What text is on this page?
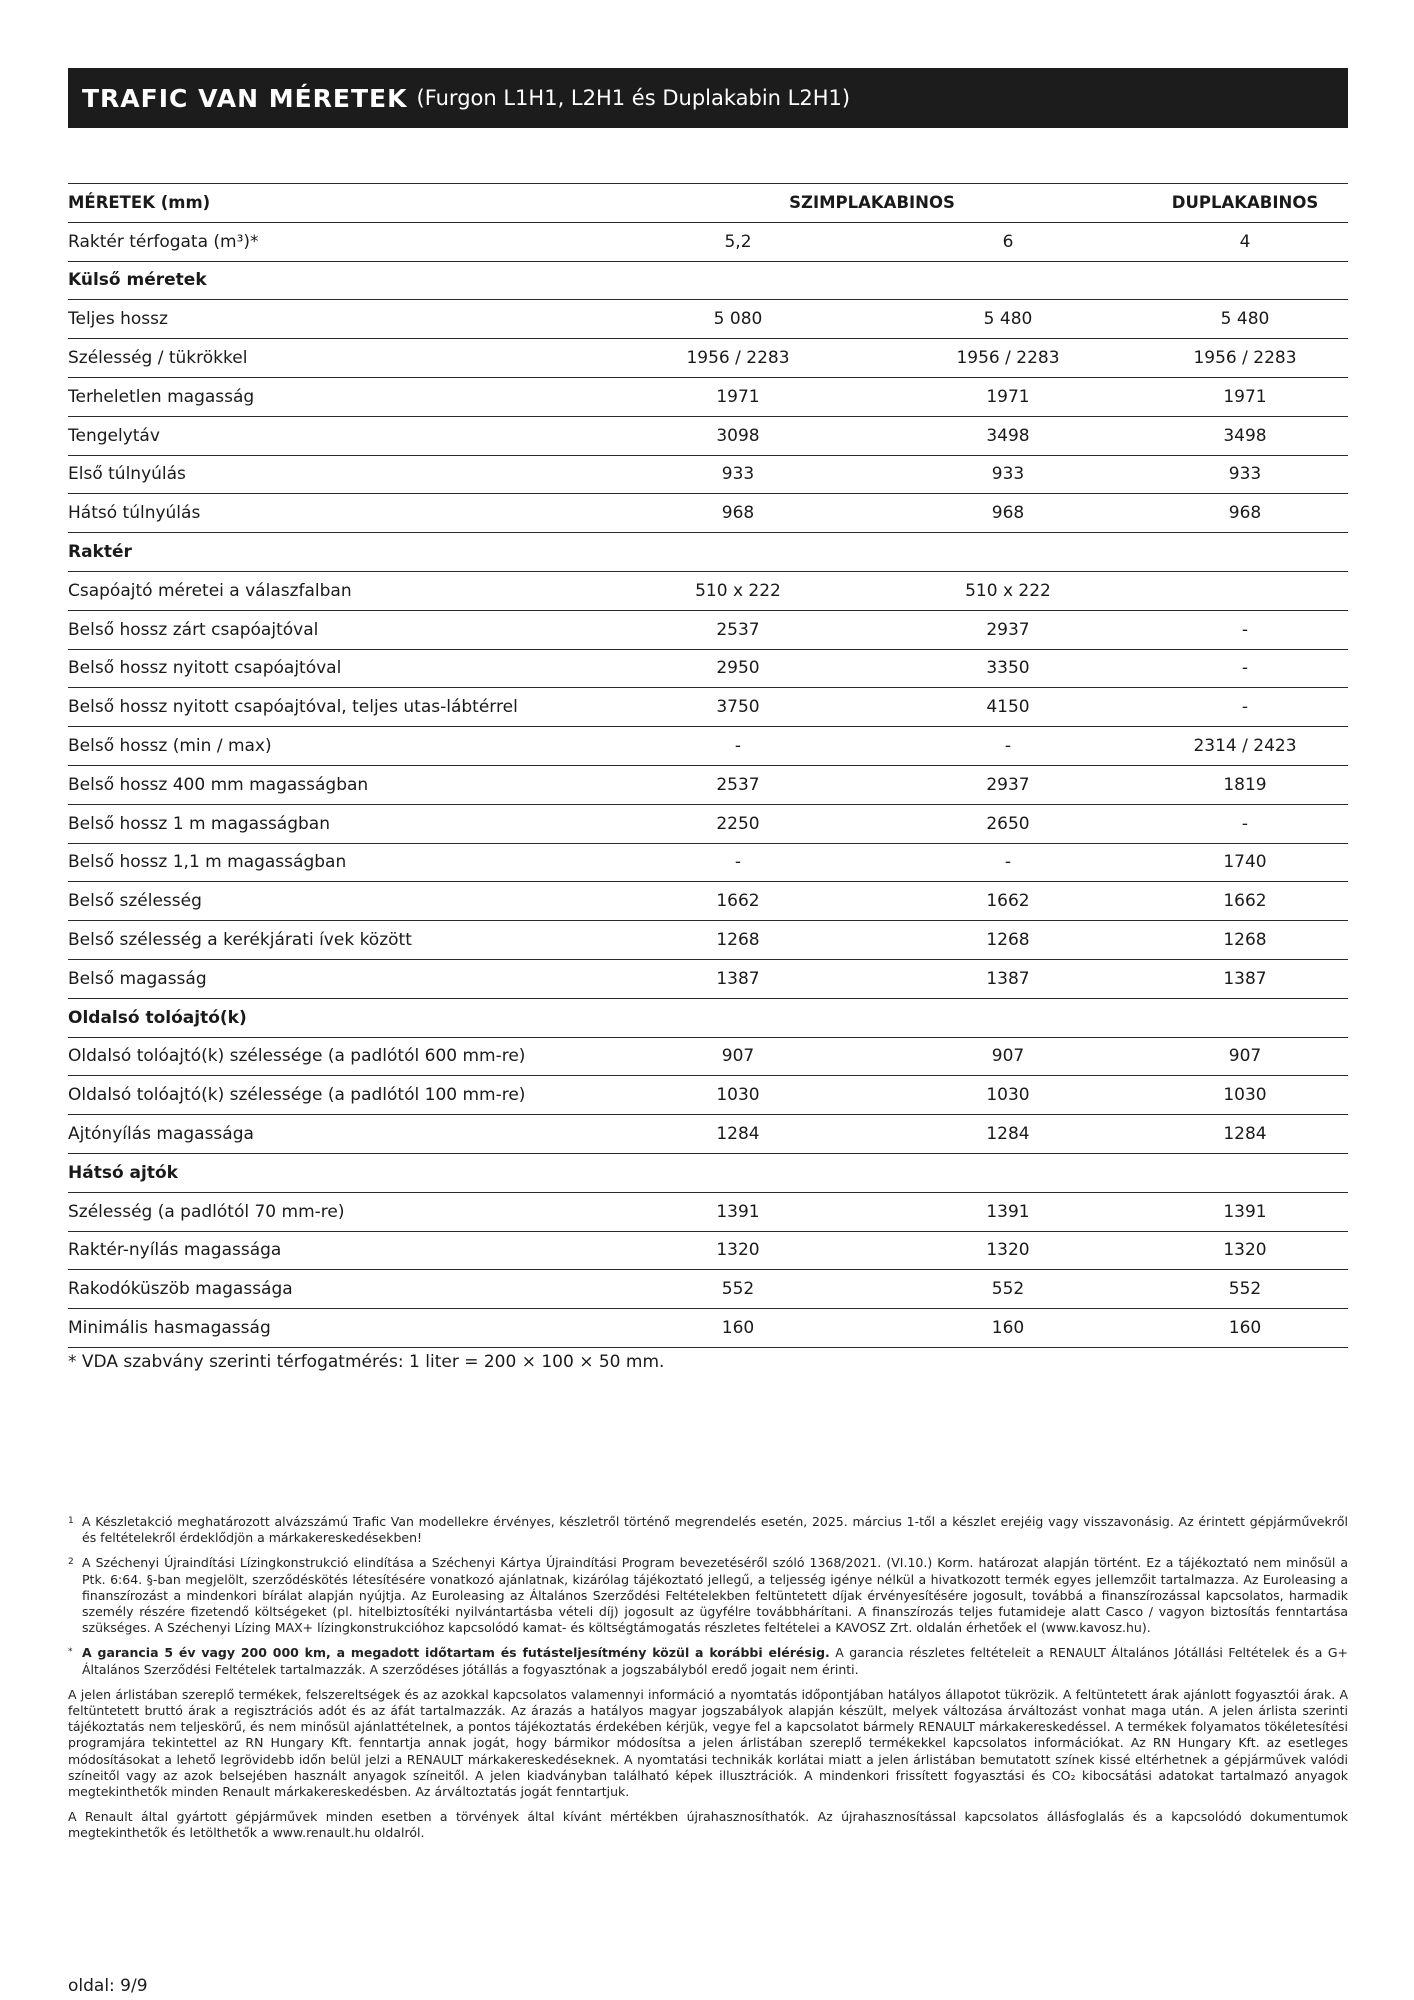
TRAFIC VAN MÉRETEK (Furgon L1H1, L2H1 és Duplakabin L2H1)
MÉRETEK (mm)	SZIMPLAKABINOS		DUPLAKABINOS
Raktér térfogata (m³)*	5,2	6	4
Külső méretek			
Teljes hossz	5 080	5 480	5 480
Szélesség / tükrökkel	1956 / 2283	1956 / 2283	1956 / 2283
Terheletlen magasság	1971	1971	1971
Tengelytáv	3098	3498	3498
Első túlnyúlás	933	933	933
Hátsó túlnyúlás	968	968	968
Raktér			
Csapóajtó méretei a válaszfalban	510 x 222	510 x 222	
Belső hossz zárt csapóajtóval	2537	2937	-
Belső hossz nyitott csapóajtóval	2950	3350	-
Belső hossz nyitott csapóajtóval, teljes utas-lábtérrel	3750	4150	-
Belső hossz (min / max)	-	-	2314 / 2423
Belső hossz 400 mm magasságban	2537	2937	1819
Belső hossz 1 m magasságban	2250	2650	-
Belső hossz 1,1 m magasságban	-	-	1740
Belső szélesség	1662	1662	1662
Belső szélesség a kerékjárati ívek között	1268	1268	1268
Belső magasság	1387	1387	1387
Oldalsó tolóajtó(k)			
Oldalsó tolóajtó(k) szélessége (a padlótól 600 mm-re)	907	907	907
Oldalsó tolóajtó(k) szélessége (a padlótól 100 mm-re)	1030	1030	1030
Ajtónyílás magassága	1284	1284	1284
Hátsó ajtók			
Szélesség (a padlótól 70 mm-re)	1391	1391	1391
Raktér-nyílás magassága	1320	1320	1320
Rakodóküszöb magassága	552	552	552
Minimális hasmagasság	160	160	160
* VDA szabvány szerinti térfogatmérés: 1 liter = 200 × 100 × 50 mm.

1 A Készletakció meghatározott alvázszámú Trafic Van modellekre érvényes, készletről történő megrendelés esetén, 2025. március 1-től a készlet erejéig vagy visszavonásig. Az érintett gépjárművekről és feltételekről érdeklődjön a márkakereskedésekben!

2 A Széchenyi Újraindítási Lízingkonstrukció elindítása a Széchenyi Kártya Újraindítási Program bevezetéséről szóló 1368/2021. (VI.10.) Korm. határozat alapján történt. Ez a tájékoztató nem minősül a Ptk. 6:64. §-ban megjelölt, szerződéskötés létesítésére vonatkozó ajánlatnak, kizárólag tájékoztató jellegű, a teljesség igénye nélkül a hivatkozott termék egyes jellemzőit tartalmazza. Az Euroleasing a finanszírozást a mindenkori bírálat alapján nyújtja. Az Euroleasing az Általános Szerződési Feltételekben feltüntetett díjak érvényesítésére jogosult, továbbá a finanszírozással kapcsolatos, harmadik személy részére fizetendő költségeket (pl. hitelbiztosítéki nyilvántartásba vételi díj) jogosult az ügyfélre továbbhárítani. A finanszírozás teljes futamideje alatt Casco / vagyon biztosítás fenntartása szükséges. A Széchenyi Lízing MAX+ lízingkonstrukcióhoz kapcsolódó kamat- és költségtámogatás részletes feltételei a KAVOSZ Zrt. oldalán érhetőek el (www.kavosz.hu).

* A garancia 5 év vagy 200 000 km, a megadott időtartam és futásteljesítmény közül a korábbi elérésig. A garancia részletes feltételeit a RENAULT Általános Jótállási Feltételek és a G+ Általános Szerződési Feltételek tartalmazzák. A szerződéses jótállás a fogyasztónak a jogszabályból eredő jogait nem érinti.

A jelen árlistában szereplő termékek, felszereltségek és az azokkal kapcsolatos valamennyi információ a nyomtatás időpontjában hatályos állapotot tükrözik. A feltüntetett árak ajánlott fogyasztói árak. A feltüntetett bruttó árak a regisztrációs adót és az áfát tartalmazzák. Az árazás a hatályos magyar jogszabályok alapján készült, melyek változása árváltozást vonhat maga után. A jelen árlista szerinti tájékoztatás nem teljeskörű, és nem minősül ajánlattételnek, a pontos tájékoztatás érdekében kérjük, vegye fel a kapcsolatot bármely RENAULT márkakereskedéssel. A termékek folyamatos tökéletesítési programjára tekintettel az RN Hungary Kft. fenntartja annak jogát, hogy bármikor módosítsa a jelen árlistában szereplő termékekkel kapcsolatos információkat. Az RN Hungary Kft. az esetleges módosításokat a lehető legrövidebb időn belül jelzi a RENAULT márkakereskedéseknek. A nyomtatási technikák korlátai miatt a jelen árlistában bemutatott színek kissé eltérhetnek a gépjárművek valódi színeitől vagy az azok belsejében használt anyagok színeitől. A jelen kiadványban található képek illusztrációk. A mindenkori frissített fogyasztási és CO₂ kibocsátási adatokat tartalmazó anyagok megtekinthetők minden Renault márkakereskedésben. Az árváltoztatás jogát fenntartjuk.

A Renault által gyártott gépjárművek minden esetben a törvények által kívánt mértékben újrahasznosíthatók. Az újrahasznosítással kapcsolatos állásfoglalás és a kapcsolódó dokumentumok megtekinthetők és letölthetők a www.renault.hu oldalról.

oldal: 9/9
